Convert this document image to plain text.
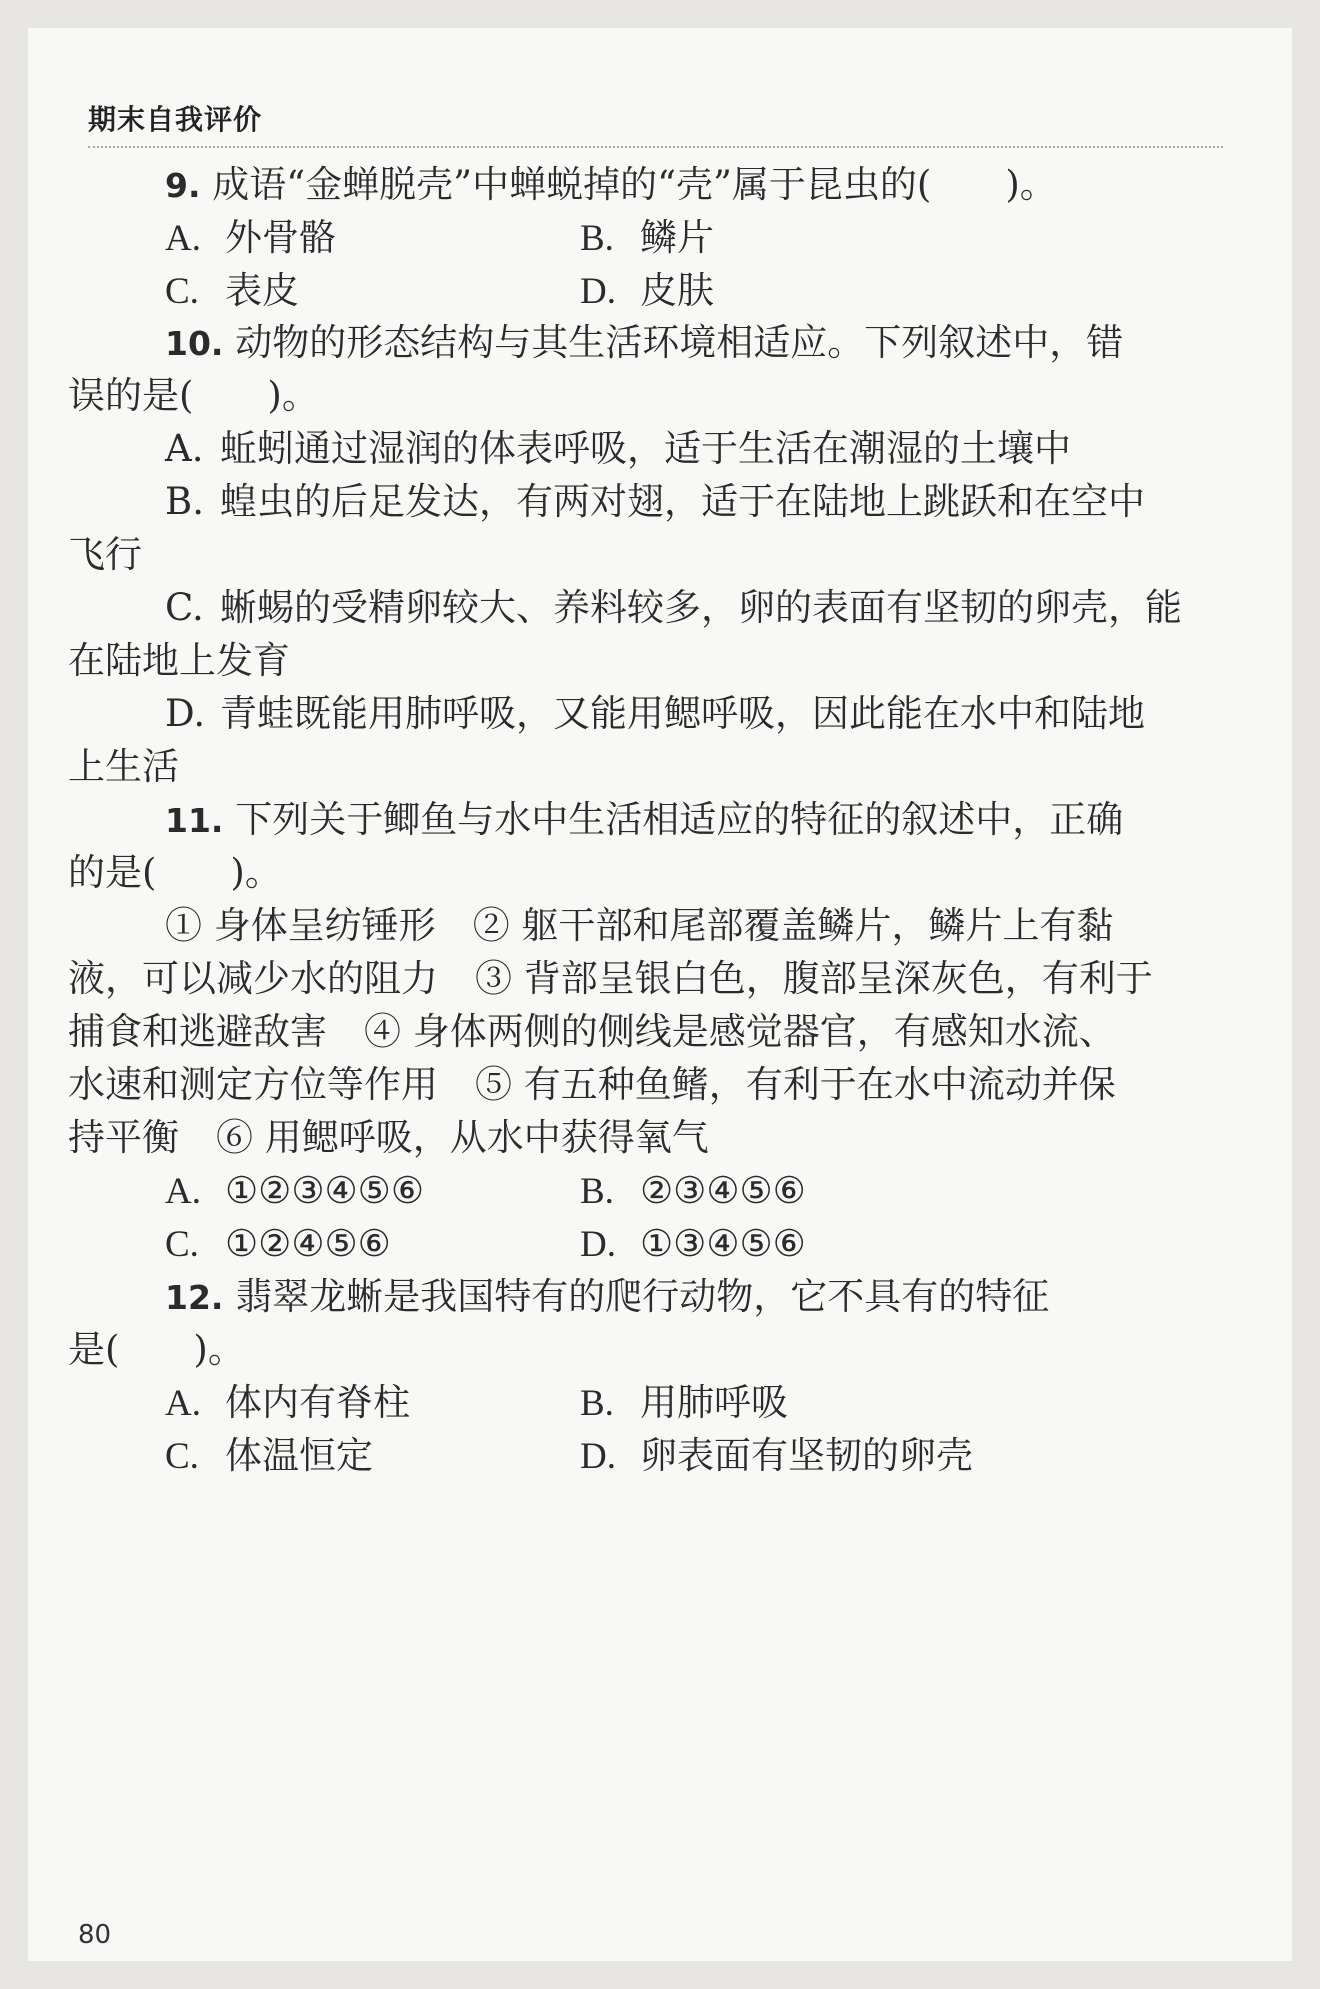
期末自我评价
9. 成语“金蝉脱壳”中蝉蜕掉的“壳”属于昆虫的(　　)。
A. 外骨骼	B. 鳞片
C. 表皮	D. 皮肤
10. 动物的形态结构与其生活环境相适应。下列叙述中，错
误的是(　　)。
A. 蚯蚓通过湿润的体表呼吸，适于生活在潮湿的土壤中
B. 蝗虫的后足发达，有两对翅，适于在陆地上跳跃和在空中
飞行
C. 蜥蜴的受精卵较大、养料较多，卵的表面有坚韧的卵壳，能
在陆地上发育
D. 青蛙既能用肺呼吸，又能用鳃呼吸，因此能在水中和陆地
上生活
11. 下列关于鲫鱼与水中生活相适应的特征的叙述中，正确
的是(　　)。
① 身体呈纺锤形　② 躯干部和尾部覆盖鳞片，鳞片上有黏
液，可以减少水的阻力　③ 背部呈银白色，腹部呈深灰色，有利于
捕食和逃避敌害　④ 身体两侧的侧线是感觉器官，有感知水流、
水速和测定方位等作用　⑤ 有五种鱼鳍，有利于在水中流动并保
持平衡　⑥ 用鳃呼吸，从水中获得氧气
A. ①②③④⑤⑥	B. ②③④⑤⑥
C. ①②④⑤⑥	D. ①③④⑤⑥
12. 翡翠龙蜥是我国特有的爬行动物，它不具有的特征
是(　　)。
A. 体内有脊柱	B. 用肺呼吸
C. 体温恒定	D. 卵表面有坚韧的卵壳
80
